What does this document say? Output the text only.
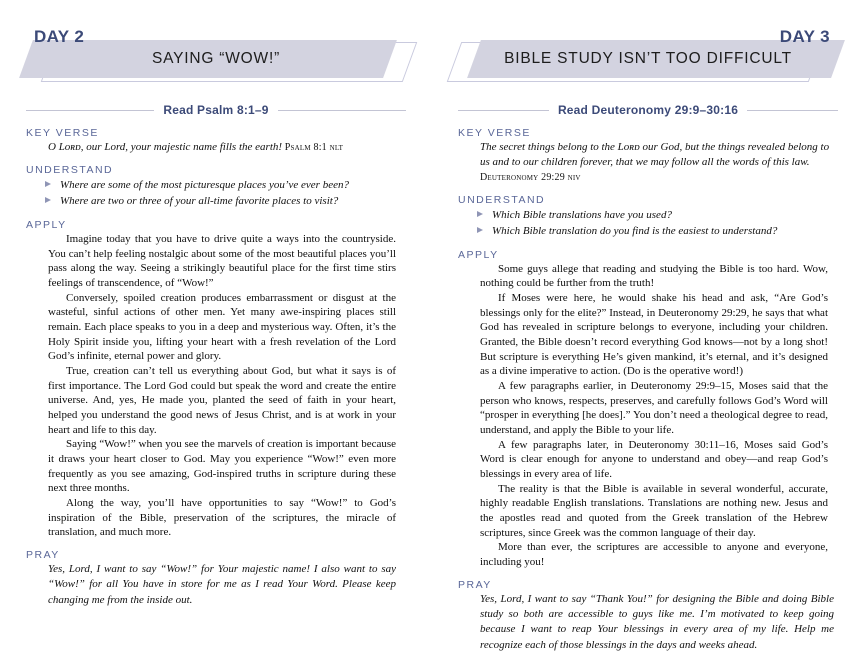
DAY 2
SAYING “WOW!”
Read Psalm 8:1–9
KEY VERSE

O Lᴏʀᴅ, our Lord, your majestic name fills the earth! Psalm 8:1 nlt

UNDERSTAND
Where are some of the most picturesque places you’ve ever been?
Where are two or three of your all-time favorite places to visit?
APPLY

Imagine today that you have to drive quite a ways into the countryside. You can’t help feeling nostalgic about some of the most beautiful places you’ll pass along the way. Seeing a strikingly beautiful place for the first time stirs feelings of transcendence, of “Wow!”

Conversely, spoiled creation produces embarrassment or disgust at the wasteful, sinful actions of other men. Yet many awe-inspiring places still remain. Each place speaks to you in a deep and mysterious way. Often, it’s the Holy Spirit inside you, lifting your heart with a fresh revelation of the Lord God’s infinite, eternal power and glory.

True, creation can’t tell us everything about God, but what it says is of first importance. The Lord God could but speak the word and create the entire universe. And, yes, He made you, planted the seed of faith in your heart, helped you understand the good news of Jesus Christ, and is at work in your heart and life to this day.

Saying “Wow!” when you see the marvels of creation is important because it draws your heart closer to God. May you experience “Wow!” even more frequently as you see amazing, God-inspired truths in scripture during these next three months.

Along the way, you’ll have opportunities to say “Wow!” to God’s inspiration of the Bible, preservation of the scriptures, the miracle of translation, and much more.

PRAY

Yes, Lord, I want to say “Wow!” for Your majestic name! I also want to say “Wow!” for all You have in store for me as I read Your Word. Please keep changing me from the inside out.

DAY 3
BIBLE STUDY ISN’T TOO DIFFICULT
Read Deuteronomy 29:9–30:16
KEY VERSE

The secret things belong to the Lᴏʀᴅ our God, but the things revealed belong to us and to our children forever, that we may follow all the words of this law. Deuteronomy 29:29 niv

UNDERSTAND
Which Bible translations have you used?
Which Bible translation do you find is the easiest to understand?
APPLY

Some guys allege that reading and studying the Bible is too hard. Wow, nothing could be further from the truth!

If Moses were here, he would shake his head and ask, “Are God’s blessings only for the elite?” Instead, in Deuteronomy 29:29, he says that what God has revealed in scripture belongs to everyone, including your children. Granted, the Bible doesn’t record everything God knows—not by a long shot! But scripture is everything He’s given mankind, it’s eternal, and it’s designed as a divine imperative to action. (Do is the operative word!)

A few paragraphs earlier, in Deuteronomy 29:9–15, Moses said that the person who knows, respects, preserves, and carefully follows God’s Word will “prosper in everything [he does].” You don’t need a theological degree to read, understand, and apply the Bible to your life.

A few paragraphs later, in Deuteronomy 30:11–16, Moses said God’s Word is clear enough for anyone to understand and obey—and reap God’s blessings in every area of life.

The reality is that the Bible is available in several wonderful, accurate, highly readable English translations. Translations are nothing new. Jesus and the apostles read and quoted from the Greek translation of the Hebrew scriptures, since Greek was the common language of their day.

More than ever, the scriptures are accessible to anyone and everyone, including you!

PRAY

Yes, Lord, I want to say “Thank You!” for designing the Bible and doing Bible study so both are accessible to guys like me. I’m motivated to keep going because I want to reap Your blessings in every area of my life. Help me recognize each of those blessings in the days and weeks ahead.
